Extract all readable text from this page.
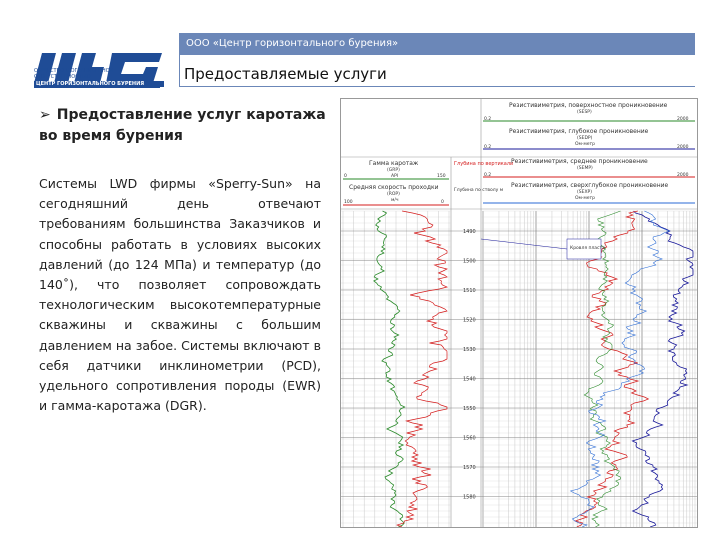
ОБЩЕСТВО С ОГРАНИЧЕННОЙ ОТВЕТСТВЕННОСТЬЮ
ЦЕНТР ГОРИЗОНТАЛЬНОГО БУРЕНИЯ
ООО «Центр горизонтального бурения»
Предоставляемые услуги
➢ Предоставление услуг каротажа во время бурения
Системы LWD фирмы «Sperry-Sun» на сегодняшний день отвечают требованиям большинства Заказчиков и способны работать в условиях высоких давлений (до 124 МПа) и температур (до 140˚), что позволяет сопровождать технологическим высокотемпературные скважины и скважины с большим давлением на забое. Системы включают в себя датчики инклинометрии (PCD), удельного сопротивления породы (EWR) и гамма-каротажа (DGR).
Гамма каротаж
(GRP)
API
0	150
Средняя скорость проходки
(ROP)
м/ч
100	0
Глубина по вертикали
Глубина по стволу м
Резистивиметрия, поверхностное проникновение
(SESP)
0.2	2000
Резистивиметрия, глубокое проникновение
(SEDP)
Ом·метр
0.2	2000
Резистивиметрия, среднее проникновение
(SEMP)
0.2	2000
Резистивиметрия, сверхглубокое проникновение
(SEXP)
Ом·метр
1490
1500
1510
1520
1530
1540
1550
1560
1570
1580
Кровля пласта
